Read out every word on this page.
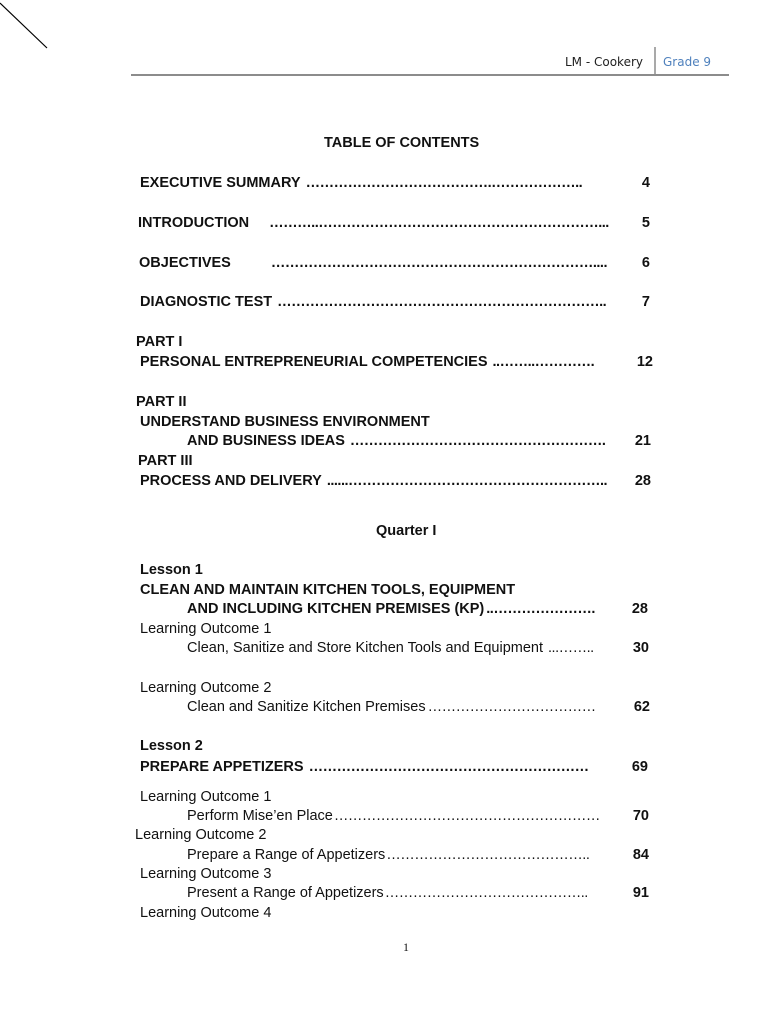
LM - Cookery Grade 9
TABLE OF CONTENTS
EXECUTIVE SUMMARY ………………………………….………………..	4
INTRODUCTION ………..……………………………………………………...	5
OBJECTIVES	……………………………………………………………....	6
DIAGNOSTIC TEST ……………………………………………………………..	7
PART I
PERSONAL ENTREPRENEURIAL COMPETENCIES ..……..………….	12
PART II
UNDERSTAND BUSINESS ENVIRONMENT
AND BUSINESS IDEAS ……………………………………………….	21
PART III
PROCESS AND DELIVERY ......………………………………………………..	28
Quarter I
Lesson 1
CLEAN AND MAINTAIN KITCHEN TOOLS, EQUIPMENT
AND INCLUDING KITCHEN PREMISES (KP) ..………………….	28
Learning Outcome 1
Clean, Sanitize and Store Kitchen Tools and Equipment ...……..	30
Learning Outcome 2
Clean and Sanitize Kitchen Premises ………………………………	62
Lesson 2
PREPARE APPETIZERS ……………………………………………………	69
Learning Outcome 1
Perform Mise’en Place …………………………………………………	70
Learning Outcome 2
Prepare a Range of Appetizers ……………………………………..	84
Learning Outcome 3
Present a Range of Appetizers ……………………………………..	91
Learning Outcome 4
1
